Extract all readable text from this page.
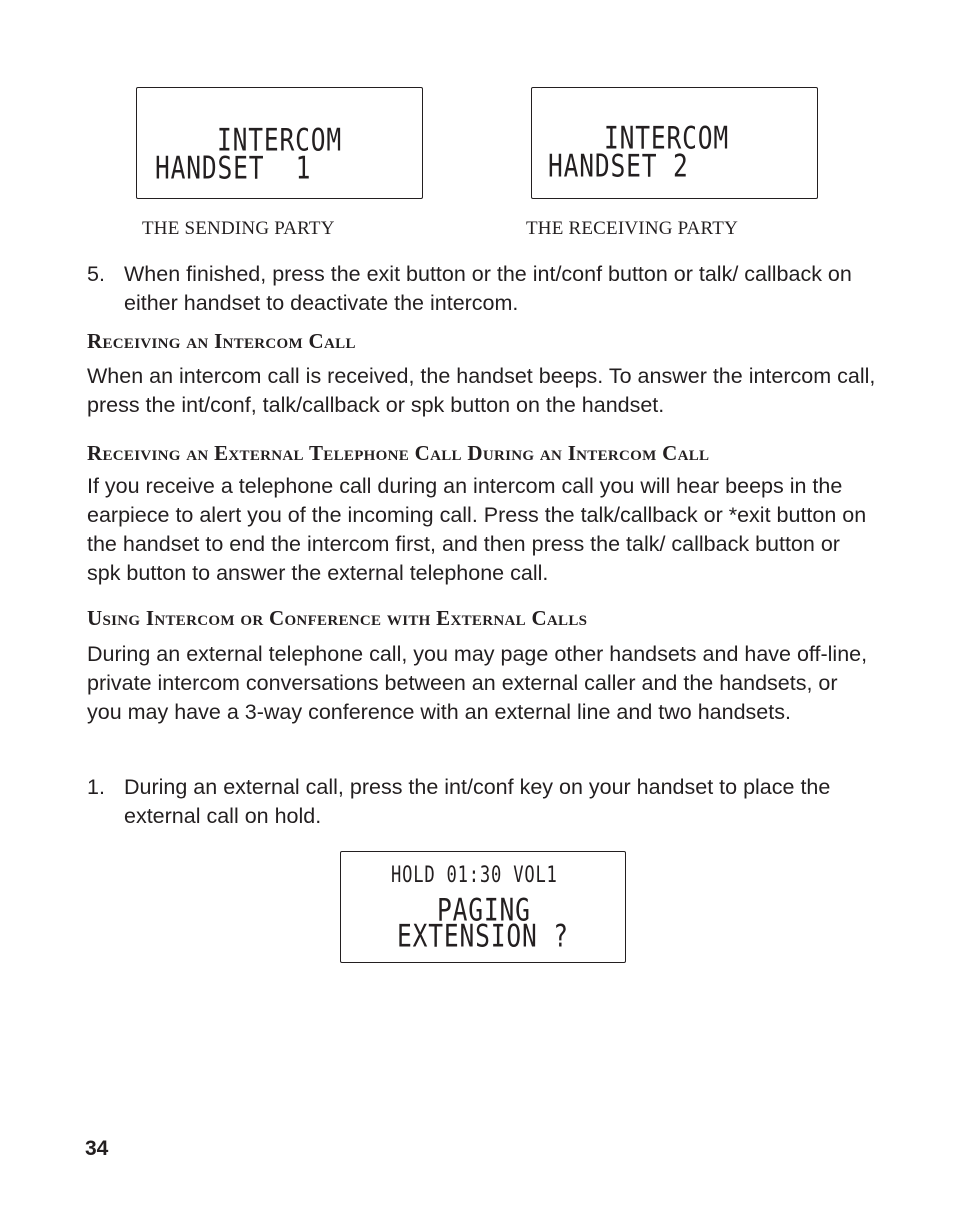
INTERCOM
HANDSET  1
THE SENDING PARTY
INTERCOM
HANDSET 2
THE RECEIVING PARTY
5. When finished, press the exit button or the int/conf button or talk/ callback on either handset to deactivate the intercom.
Receiving an Intercom Call

When an intercom call is received, the handset beeps. To answer the intercom call, press the int/conf, talk/callback or spk button on the handset.

Receiving an External Telephone Call During an Intercom Call

If you receive a telephone call during an intercom call you will hear beeps in the earpiece to alert you of the incoming call. Press the talk/callback or *exit button on the handset to end the intercom first, and then press the talk/ callback button or spk button to answer the external telephone call.

Using Intercom or Conference with External Calls

During an external telephone call, you may page other handsets and have off-line, private intercom conversations between an external caller and the handsets, or you may have a 3-way conference with an external line and two handsets.

1. During an external call, press the int/conf key on your handset to place the external call on hold.
HOLD 01:30 VOL1
PAGING
EXTENSION ?
34
